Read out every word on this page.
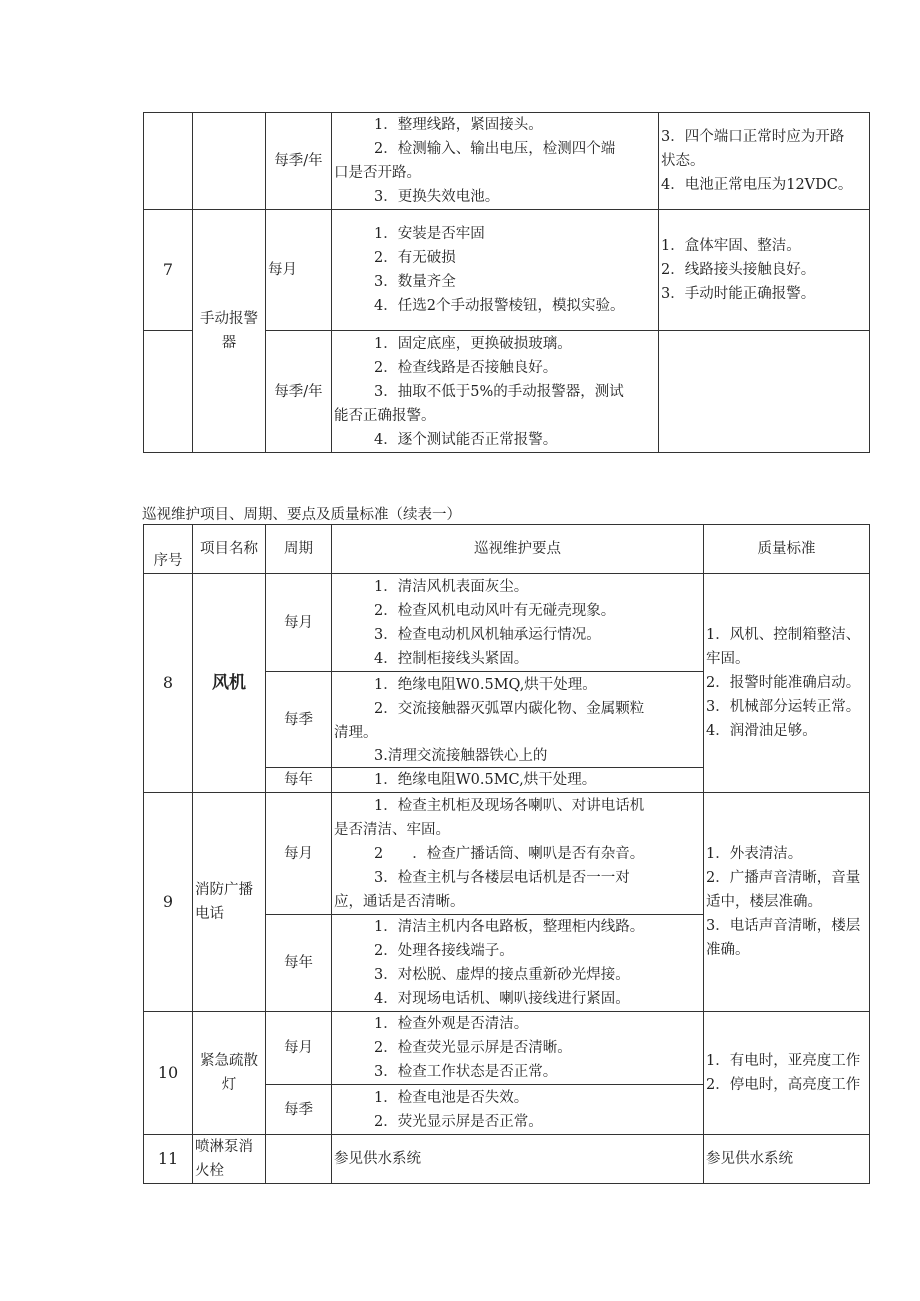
		每季/年	1．整理线路，紧固接头。
2．检测输入、输出电压，检测四个端
口是否开路。
3．更换失效电池。	3．四个端口正常时应为开路
状态。
4．电池正常电压为12VDC。

7	手动报警器	每月	1．安装是否牢固
2．有无破损
3．数量齐全
4．任选2个手动报警棱钮，模拟实验。	1．盒体牢固、整洁。
2．线路接头接触良好。
3．手动时能正确报警。

		每季/年	1．固定底座，更换破损玻璃。
2．检查线路是否接触良好。
3．抽取不低于5%的手动报警器，测试
能否正确报警。
4．逐个测试能否正常报警。	

巡视维护项目、周期、要点及质量标准（续表一）
序号	项目名称	周期	巡视维护要点	质量标准
8	风机	每月	1．清洁风机表面灰尘。
2．检查风机电动风叶有无碰壳现象。
3．检查电动机风机轴承运行情况。
4．控制柜接线头紧固。	1．风机、控制箱整洁、
牢固。
2．报警时能准确启动。
3．机械部分运转正常。
4．润滑油足够。

		每季	1．绝缘电阻W0.5MQ,烘干处理。
2．交流接触器灭弧罩内碳化物、金属颗粒
清理。
3.清理交流接触器铁心上的	

		每年	1．绝缘电阻W0.5MC,烘干处理。	

9	消防广播电话	每月	1．检查主机柜及现场各喇叭、对讲电话机
是否清洁、牢固。
2　　．检查广播话筒、喇叭是否有杂音。
3．检查主机与各楼层电话机是否一一对
应，通话是否清晰。	1．外表清洁。
2．广播声音清晰，音量
适中，楼层准确。
3．电话声音清晰，楼层
准确。

		每年	1．清洁主机内各电路板，整理柜内线路。
2．处理各接线端子。
3．对松脱、虚焊的接点重新砂光焊接。
4．对现场电话机、喇叭接线进行紧固。	

10	紧急疏散灯	每月	1．检查外观是否清洁。
2．检查荧光显示屏是否清晰。
3．检查工作状态是否正常。	1．有电时，亚亮度工作
2．停电时，高亮度工作

		每季	1．检查电池是否失效。
2．荧光显示屏是否正常。	

11	喷淋泵消火栓		参见供水系统	参见供水系统
